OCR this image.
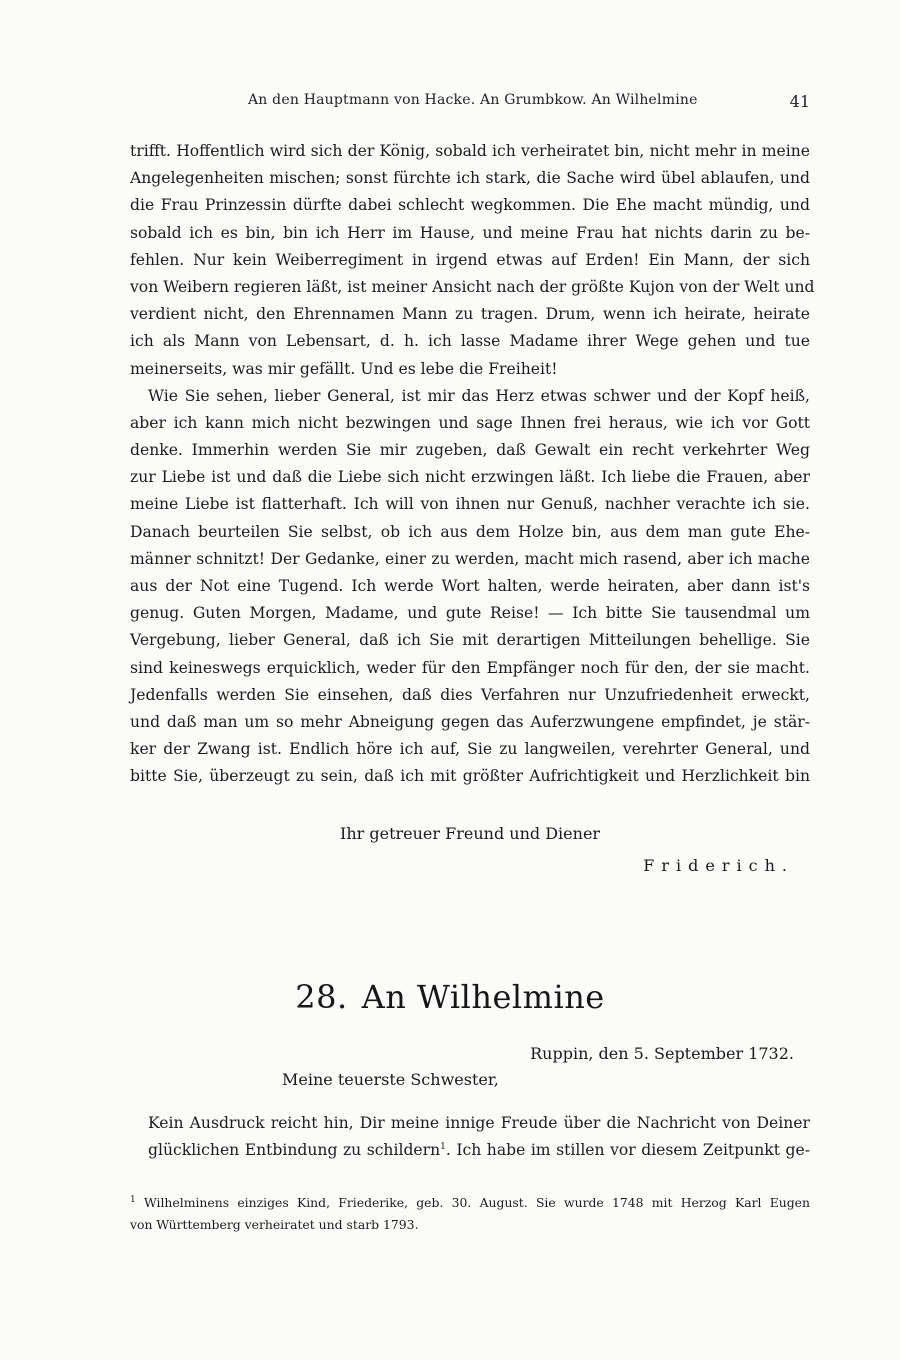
An den Hauptmann von Hacke. An Grumbkow. An Wilhelmine	41
trifft. Hoffentlich wird sich der König, sobald ich verheiratet bin, nicht mehr in meine
Angelegenheiten mischen; sonst fürchte ich stark, die Sache wird übel ablaufen, und
die Frau Prinzessin dürfte dabei schlecht wegkommen. Die Ehe macht mündig, und
sobald ich es bin, bin ich Herr im Hause, und meine Frau hat nichts darin zu be-
fehlen. Nur kein Weiberregiment in irgend etwas auf Erden! Ein Mann, der sich
von Weibern regieren läßt, ist meiner Ansicht nach der größte Kujon von der Welt und
verdient nicht, den Ehrennamen Mann zu tragen. Drum, wenn ich heirate, heirate
ich als Mann von Lebensart, d. h. ich lasse Madame ihrer Wege gehen und tue
meinerseits, was mir gefällt. Und es lebe die Freiheit!
Wie Sie sehen, lieber General, ist mir das Herz etwas schwer und der Kopf heiß,
aber ich kann mich nicht bezwingen und sage Ihnen frei heraus, wie ich vor Gott
denke. Immerhin werden Sie mir zugeben, daß Gewalt ein recht verkehrter Weg
zur Liebe ist und daß die Liebe sich nicht erzwingen läßt. Ich liebe die Frauen, aber
meine Liebe ist flatterhaft. Ich will von ihnen nur Genuß, nachher verachte ich sie.
Danach beurteilen Sie selbst, ob ich aus dem Holze bin, aus dem man gute Ehe-
männer schnitzt! Der Gedanke, einer zu werden, macht mich rasend, aber ich mache
aus der Not eine Tugend. Ich werde Wort halten, werde heiraten, aber dann ist's
genug. Guten Morgen, Madame, und gute Reise! — Ich bitte Sie tausendmal um
Vergebung, lieber General, daß ich Sie mit derartigen Mitteilungen behellige. Sie
sind keineswegs erquicklich, weder für den Empfänger noch für den, der sie macht.
Jedenfalls werden Sie einsehen, daß dies Verfahren nur Unzufriedenheit erweckt,
und daß man um so mehr Abneigung gegen das Auferzwungene empfindet, je stär-
ker der Zwang ist. Endlich höre ich auf, Sie zu langweilen, verehrter General, und
bitte Sie, überzeugt zu sein, daß ich mit größter Aufrichtigkeit und Herzlichkeit bin
Ihr getreuer Freund und Diener
Friderich.
28. An Wilhelmine
Ruppin, den 5. September 1732.
Meine teuerste Schwester,
Kein Ausdruck reicht hin, Dir meine innige Freude über die Nachricht von Deiner
glücklichen Entbindung zu schildern$^1$. Ich habe im stillen vor diesem Zeitpunkt ge-
$^1$ Wilhelminens einziges Kind, Friederike, geb. 30. August. Sie wurde 1748 mit Herzog Karl Eugen
von Württemberg verheiratet und starb 1793.
